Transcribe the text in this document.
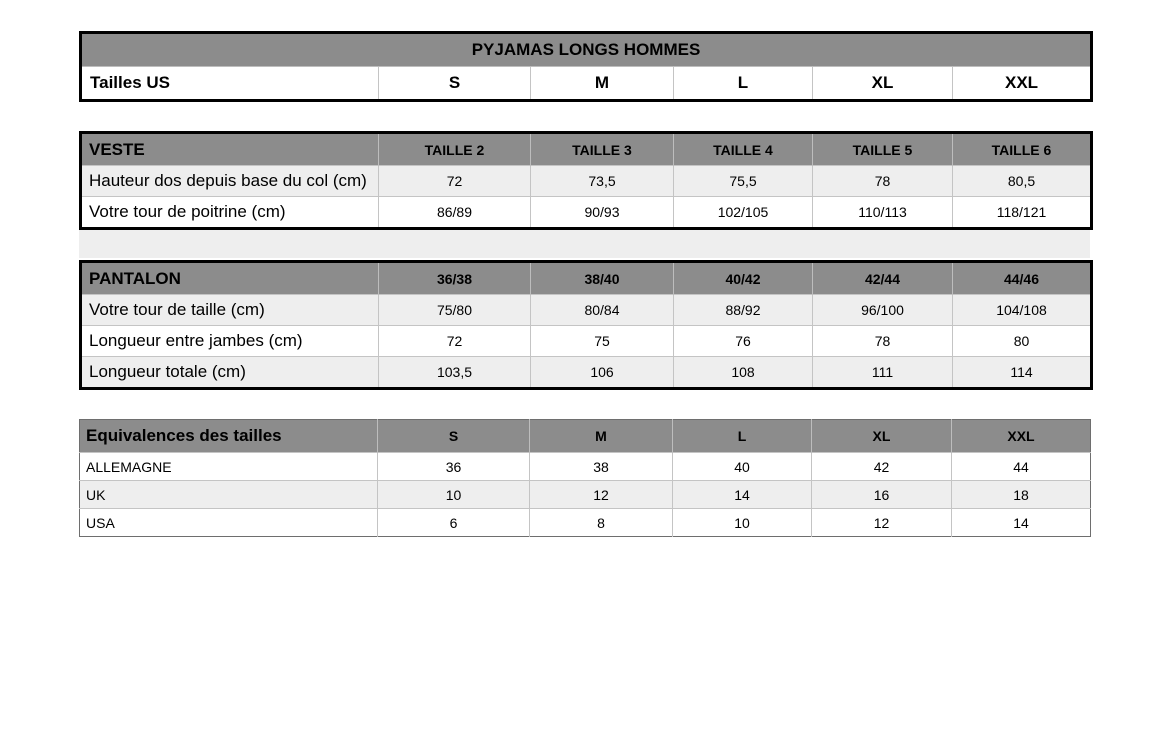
PYJAMAS LONGS HOMMES
Tailles US	S	M	L	XL	XXL
VESTE	TAILLE 2	TAILLE 3	TAILLE 4	TAILLE 5	TAILLE 6
Hauteur dos depuis base du col (cm)	72	73,5	75,5	78	80,5
Votre tour de poitrine (cm)	86/89	90/93	102/105	110/113	118/121
PANTALON	36/38	38/40	40/42	42/44	44/46
Votre tour de taille (cm)	75/80	80/84	88/92	96/100	104/108
Longueur entre jambes (cm)	72	75	76	78	80
Longueur totale (cm)	103,5	106	108	111	114
Equivalences des tailles	S	M	L	XL	XXL
ALLEMAGNE	36	38	40	42	44
UK	10	12	14	16	18
USA	6	8	10	12	14
